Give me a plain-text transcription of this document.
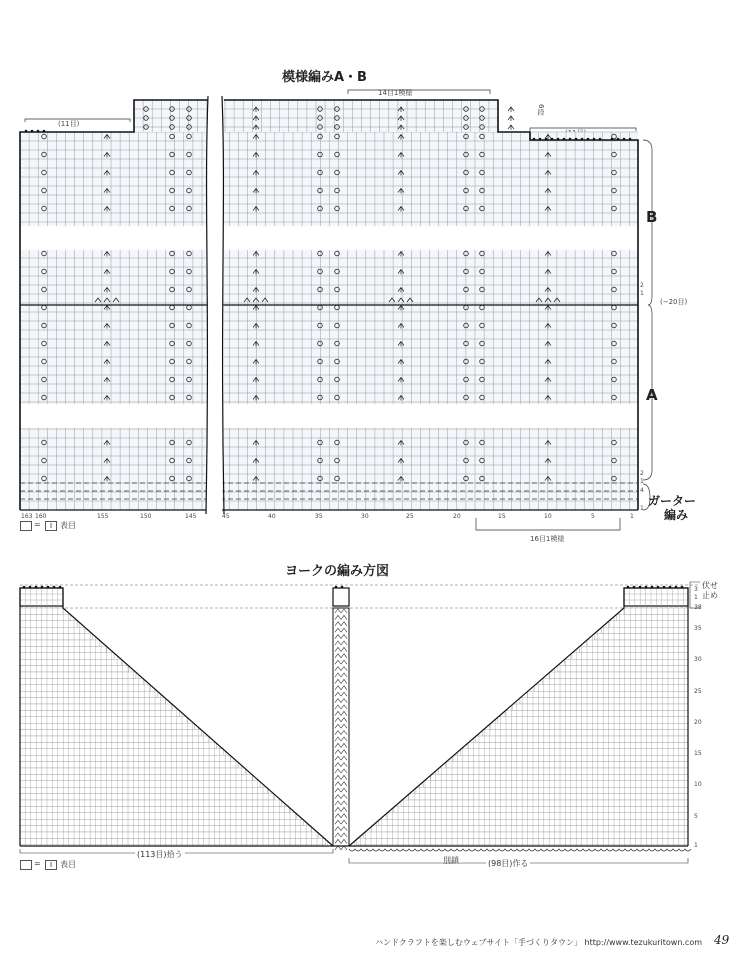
模様編みA・B
14目1模様
(11目)
6段
B
A
(−20目)
ガーター
編み
163 160	155	150	145	45	40	35	30	25	20	15	10	5	1
2
1
2
1
4
1
16目1模様
=	I 表目
ヨークの編み方図
伏せ
止め
3
1
38
35
30
25
20
15
10
5
1
(113目)拾う
別鎖	(98目)作る
=	I 表目
ハンドクラフトを楽しむウェブサイト「手づくりタウン」 http://www.tezukuritown.com 49
